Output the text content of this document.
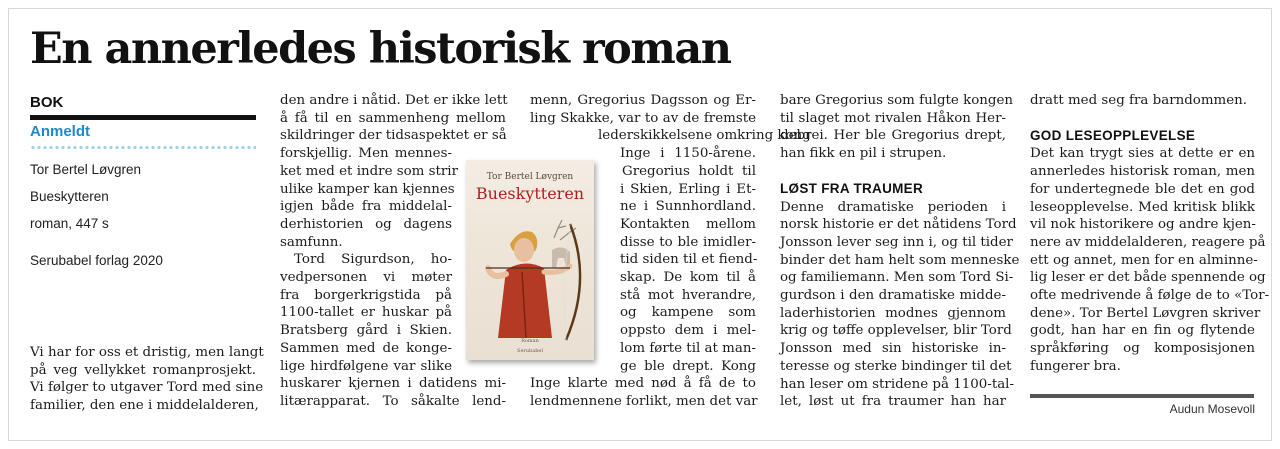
En annerledes historisk roman
BOK
Anmeldt
Tor Bertel Løvgren
Bueskytteren
roman, 447 s
Serubabel forlag 2020
Vi har for oss et dristig, men langt
på veg vellykket romanprosjekt.
Vi følger to utgaver Tord med sine
familier, den ene i middelalderen,
den andre i nåtid. Det er ikke lett
å få til en sammenheng mellom
skildringer der tidsaspektet er så
forskjellig. Men mennes-
ket med et indre som strir
ulike kamper kan kjennes
igjen både fra middelal-
derhistorien og dagens
samfunn.
Tord Sigurdson, ho-
vedpersonen vi møter
fra borgerkrigstida på
1100-tallet er huskar på
Bratsberg gård i Skien.
Sammen med de konge-
lige hirdfølgene var slike
huskarer kjernen i datidens mi-
litærapparat. To såkalte lend-
Tor Bertel Løvgren
Bueskytteren
Roman
Serubabel
menn, Gregorius Dagsson og Er-
ling Skakke, var to av de fremste
lederskikkelsene omkring kong
Inge i 1150-årene.
Gregorius holdt til
i Skien, Erling i Et-
ne i Sunnhordland.
Kontakten mellom
disse to ble imidler-
tid siden til et fiend-
skap. De kom til å
stå mot hverandre,
og kampene som
oppsto dem i mel-
lom førte til at man-
ge ble drept. Kong
Inge klarte med nød å få de to
lendmennene forlikt, men det var
bare Gregorius som fulgte kongen
til slaget mot rivalen Håkon Her-
debrei. Her ble Gregorius drept,
han fikk en pil i strupen.
LØST FRA TRAUMER
Denne dramatiske perioden i
norsk historie er det nåtidens Tord
Jonsson lever seg inn i, og til tider
binder det ham helt som menneske
og familiemann. Men som Tord Si-
gurdson i den dramatiske midde-
laderhistorien modnes gjennom
krig og tøffe opplevelser, blir Tord
Jonsson med sin historiske in-
teresse og sterke bindinger til det
han leser om stridene på 1100-tal-
let, løst ut fra traumer han har
dratt med seg fra barndommen.
GOD LESEOPPLEVELSE
Det kan trygt sies at dette er en
annerledes historisk roman, men
for undertegnede ble det en god
leseopplevelse. Med kritisk blikk
vil nok historikere og andre kjen-
nere av middelalderen, reagere på
ett og annet, men for en alminne-
lig leser er det både spennende og
ofte medrivende å følge de to «Tor-
dene». Tor Bertel Løvgren skriver
godt, han har en fin og flytende
språkføring og komposisjonen
fungerer bra.
Audun Mosevoll
